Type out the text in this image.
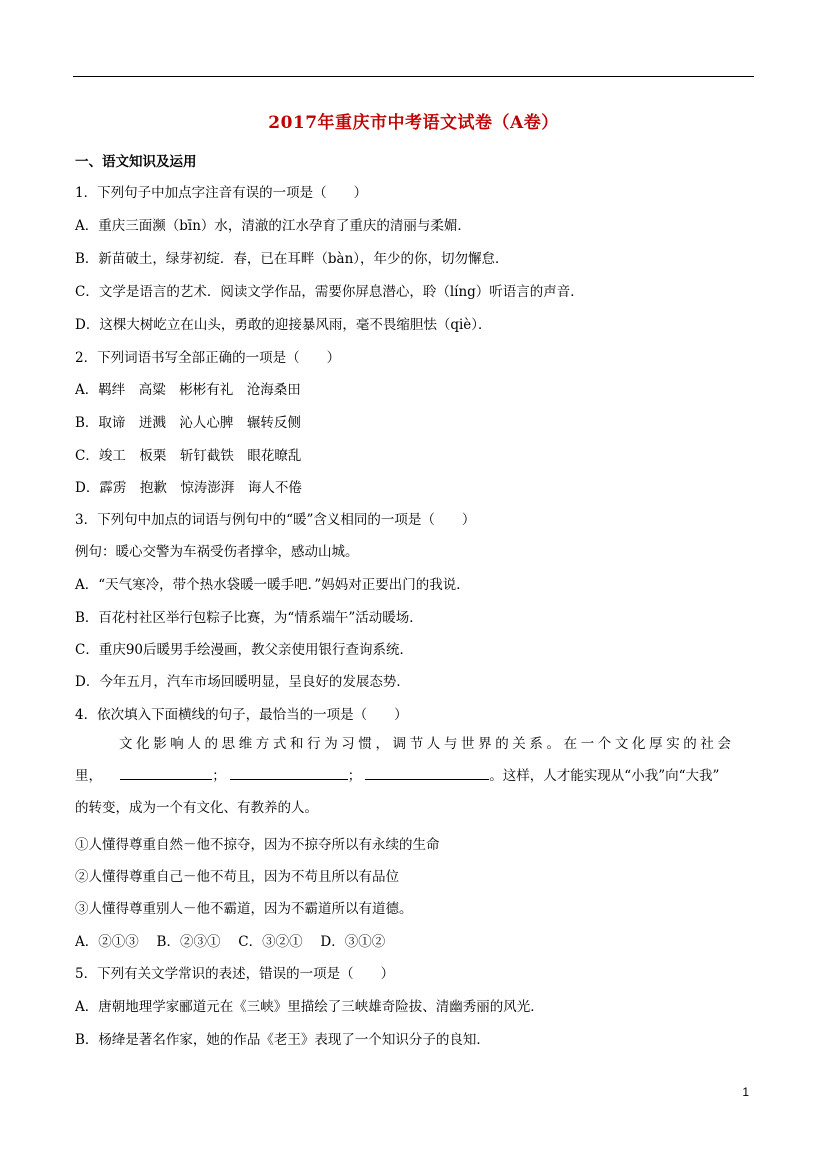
2017年重庆市中考语文试卷（A卷）
一、语文知识及运用
1．下列句子中加点字注音有误的一项是（　　）
A．重庆三面濒（bīn）水，清澈的江水孕育了重庆的清丽与柔媚．
B．新苗破土，绿芽初绽．春，已在耳畔（bàn），年少的你，切勿懈怠．
C．文学是语言的艺术．阅读文学作品，需要你屏息潜心，聆（líng）听语言的声音．
D．这棵大树屹立在山头，勇敢的迎接暴风雨，毫不畏缩胆怯（qiè）．
2．下列词语书写全部正确的一项是（　　）
A．羁绊　高粱　彬彬有礼　沧海桑田
B．取谛　迸溅　沁人心脾　辗转反侧
C．竣工　板栗　斩钉截铁　眼花暸乱
D．霹雳　抱歉　惊涛澎湃　诲人不倦
3．下列句中加点的词语与例句中的“暖”含义相同的一项是（　　）
例句：暖心交警为车祸受伤者撑伞，感动山城。
A．“天气寒冷，带个热水袋暖一暖手吧．”妈妈对正要出门的我说．
B．百花村社区举行包粽子比赛，为“情系端午”活动暖场．
C．重庆90后暖男手绘漫画，教父亲使用银行查询系统．
D．今年五月，汽车市场回暖明显，呈良好的发展态势．
4．依次填入下面横线的句子，最恰当的一项是（　　）
文化影响人的思维方式和行为习惯，调节人与世界的关系。在一个文化厚实的社会
里，	；	；	。这样，人才能实现从“小我”向“大我”
的转变，成为一个有文化、有教养的人。
①人懂得尊重自然－他不掠夺，因为不掠夺所以有永续的生命
②人懂得尊重自己－他不苟且，因为不苟且所以有品位
③人懂得尊重别人－他不霸道，因为不霸道所以有道德。
A．②①③　 B．②③①　 C．③②①　 D．③①②
5．下列有关文学常识的表述，错误的一项是（　　）
A．唐朝地理学家郦道元在《三峡》里描绘了三峡雄奇险拔、清幽秀丽的风光．
B．杨绛是著名作家，她的作品《老王》表现了一个知识分子的良知．
1
